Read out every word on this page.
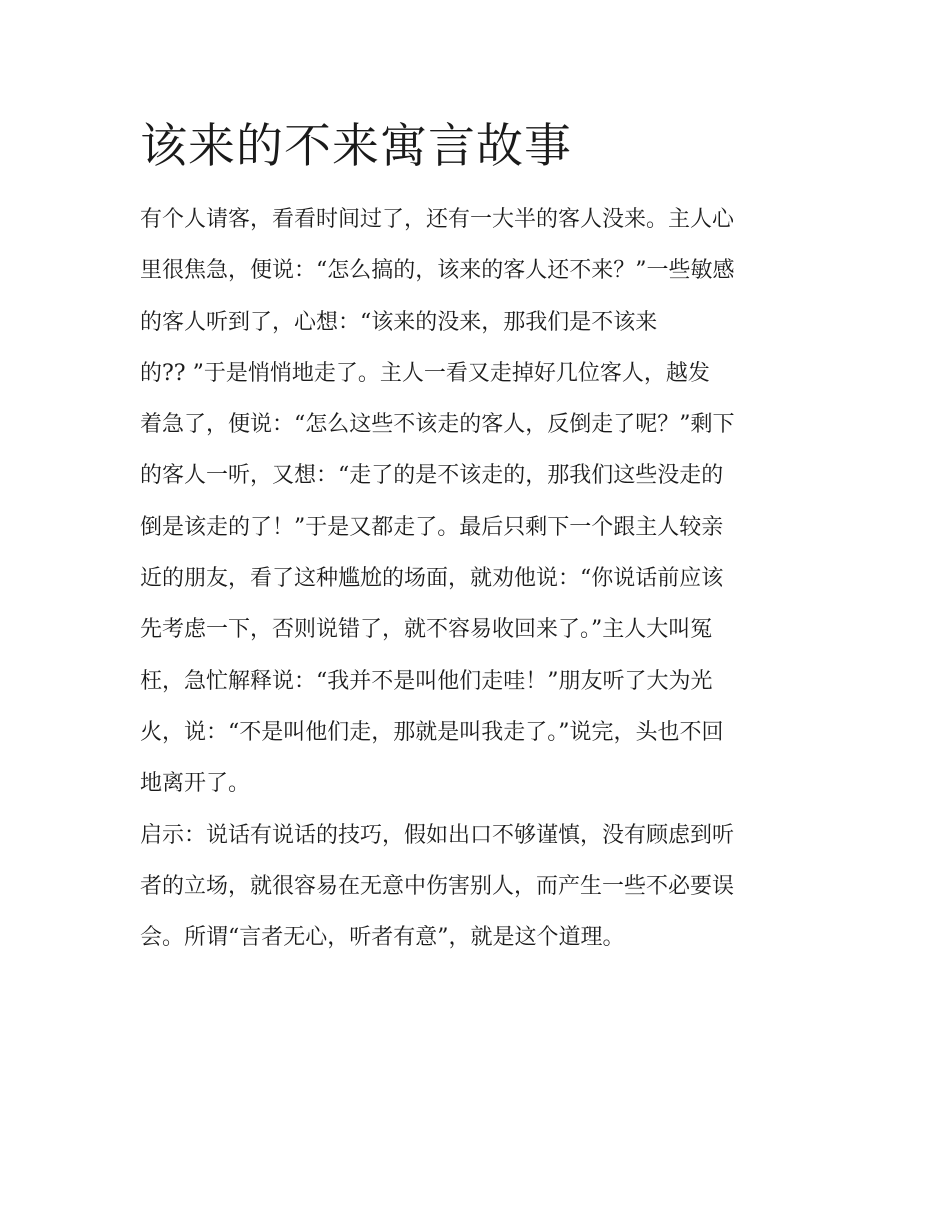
该来的不来寓言故事
有个人请客，看看时间过了，还有一大半的客人没来。主人心
里很焦急，便说：“怎么搞的，该来的客人还不来？”一些敏感
的客人听到了，心想：“该来的没来，那我们是不该来
的?? ”于是悄悄地走了。主人一看又走掉好几位客人，越发
着急了，便说：“怎么这些不该走的客人，反倒走了呢？”剩下
的客人一听，又想：“走了的是不该走的，那我们这些没走的
倒是该走的了！”于是又都走了。最后只剩下一个跟主人较亲
近的朋友，看了这种尴尬的场面，就劝他说：“你说话前应该
先考虑一下，否则说错了，就不容易收回来了。”主人大叫冤
枉，急忙解释说：“我并不是叫他们走哇！”朋友听了大为光
火，说：“不是叫他们走，那就是叫我走了。”说完，头也不回
地离开了。
启示：说话有说话的技巧，假如出口不够谨慎，没有顾虑到听
者的立场，就很容易在无意中伤害别人，而产生一些不必要误
会。所谓“言者无心，听者有意”，就是这个道理。
